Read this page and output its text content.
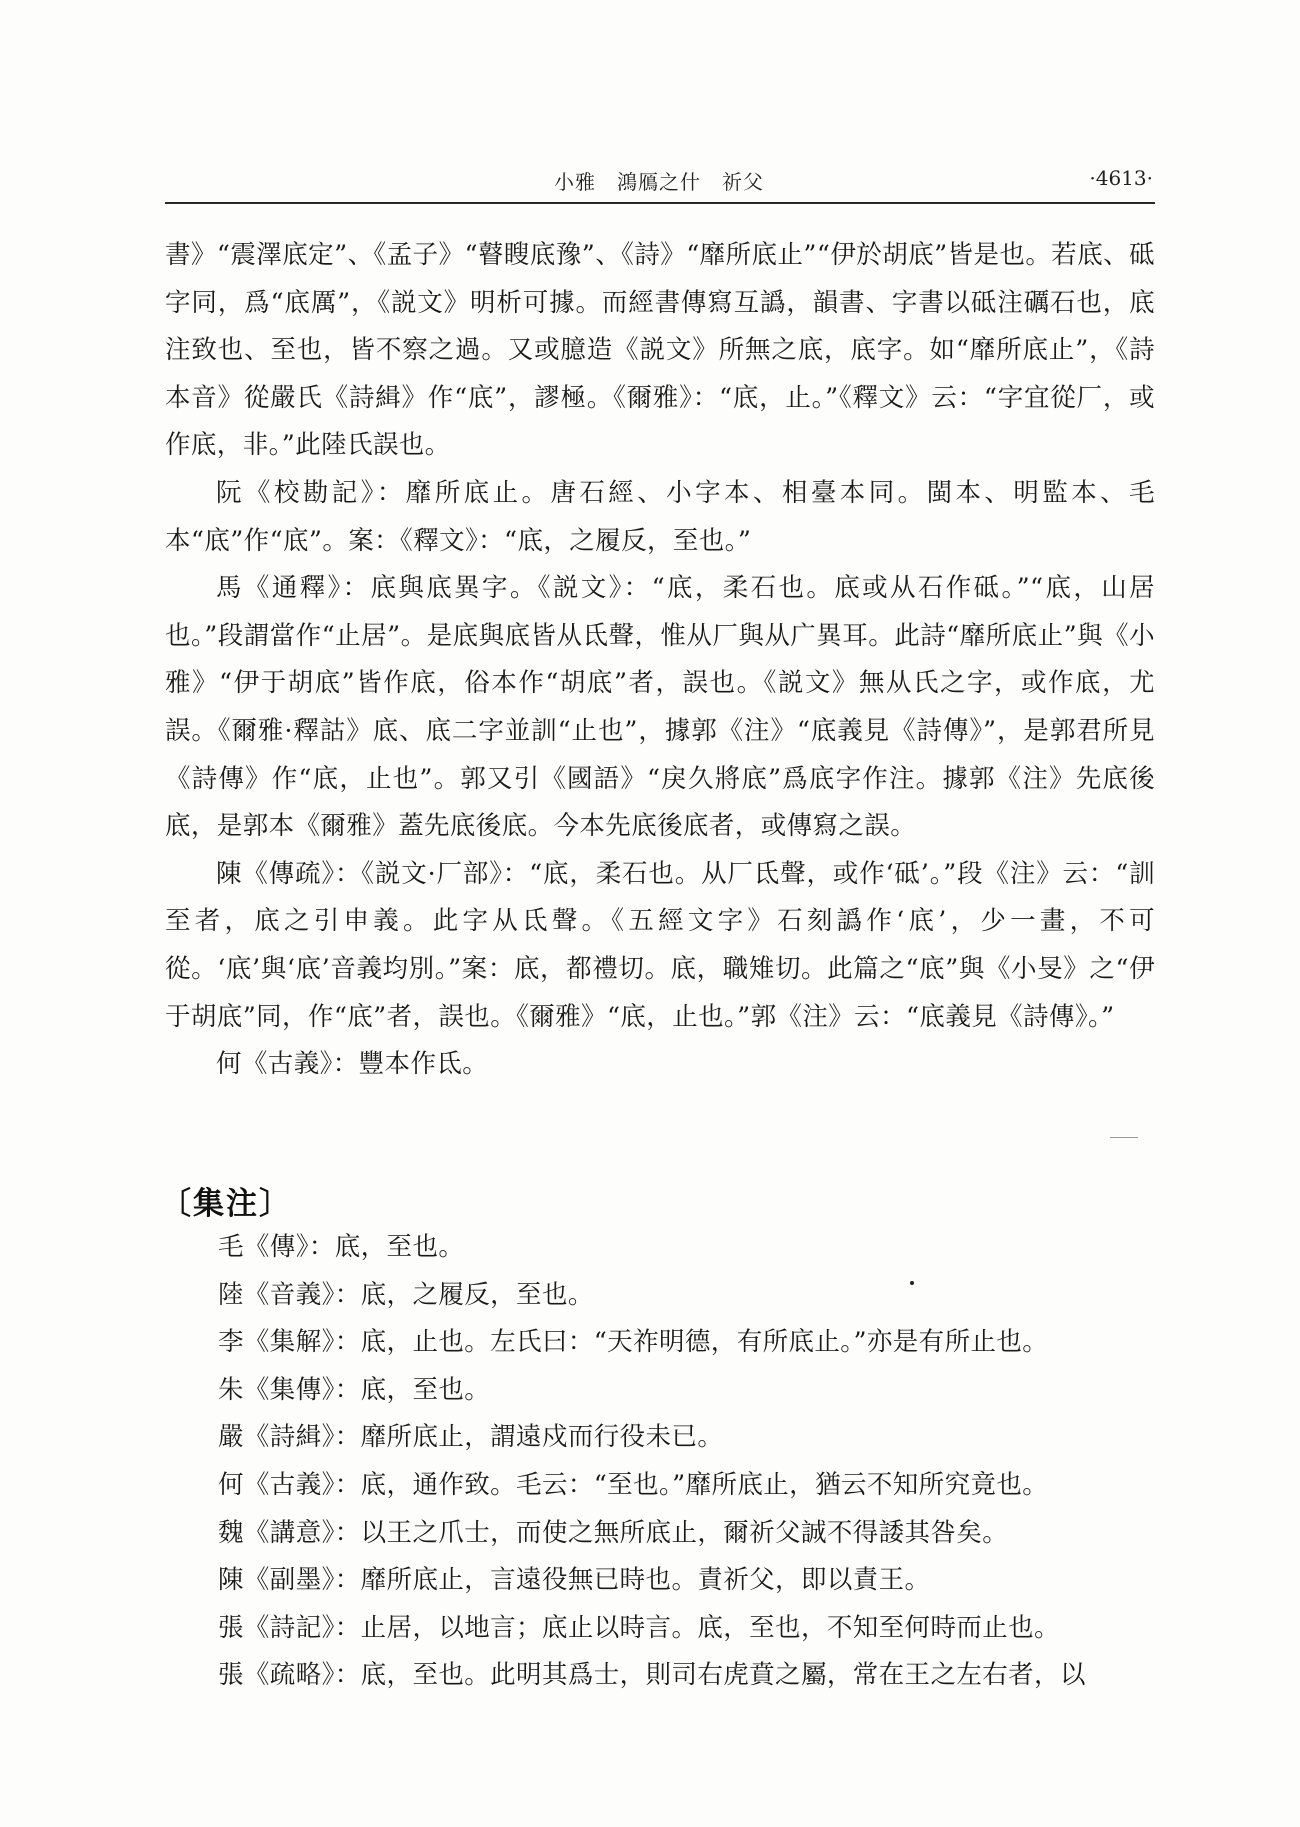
小雅　鴻鴈之什　祈父	·4613·

書》“震澤底定”、《孟子》“瞽瞍底豫”、《詩》“靡所底止”“伊於胡底”皆是也。若底、砥字同，爲“底厲”，《説文》明析可據。而經書傳寫互譌，韻書、字書以砥注礪石也，底注致也、至也，皆不察之過。又或臆造《説文》所無之底，底字。如“靡所底止”，《詩本音》從嚴氏《詩緝》作“底”，謬極。《爾雅》：“底，止。”《釋文》云：“字宜從厂，或作底，非。”此陸氏誤也。

阮《校勘記》：靡所底止。唐石經、小字本、相臺本同。閩本、明監本、毛本“底”作“底”。案：《釋文》：“底，之履反，至也。”

馬《通釋》：底與底異字。《説文》：“底，柔石也。底或从石作砥。”“底，山居也。”段謂當作“止居”。是底與底皆从氐聲，惟从厂與从广異耳。此詩“靡所底止”與《小雅》“伊于胡底”皆作底，俗本作“胡底”者，誤也。《説文》無从氏之字，或作底，尤誤。《爾雅·釋詁》底、底二字並訓“止也”，據郭《注》“底義見《詩傳》”，是郭君所見《詩傳》作“底，止也”。郭又引《國語》“戾久將底”爲底字作注。據郭《注》先底後底，是郭本《爾雅》蓋先底後底。今本先底後底者，或傳寫之誤。

陳《傳疏》：《説文·厂部》：“底，柔石也。从厂氐聲，或作‘砥’。”段《注》云：“訓至者，底之引申義。此字从氐聲。《五經文字》石刻譌作‘底’，少一畫，不可從。‘底’與‘底’音義均別。”案：底，都禮切。底，職雉切。此篇之“底”與《小旻》之“伊于胡底”同，作“底”者，誤也。《爾雅》“底，止也。”郭《注》云：“底義見《詩傳》。”

何《古義》：豐本作氐。

〔集注〕

毛《傳》：底，至也。

陸《音義》：底，之履反，至也。

李《集解》：底，止也。左氏曰：“天祚明德，有所底止。”亦是有所止也。

朱《集傳》：底，至也。

嚴《詩緝》：靡所底止，謂遠戍而行役未已。

何《古義》：底，通作致。毛云：“至也。”靡所底止，猶云不知所究竟也。

魏《講意》：以王之爪士，而使之無所底止，爾祈父誠不得諉其咎矣。

陳《副墨》：靡所底止，言遠役無已時也。責祈父，即以責王。

張《詩記》：止居，以地言；底止以時言。底，至也，不知至何時而止也。

張《疏略》：底，至也。此明其爲士，則司右虎賁之屬，常在王之左右者，以
